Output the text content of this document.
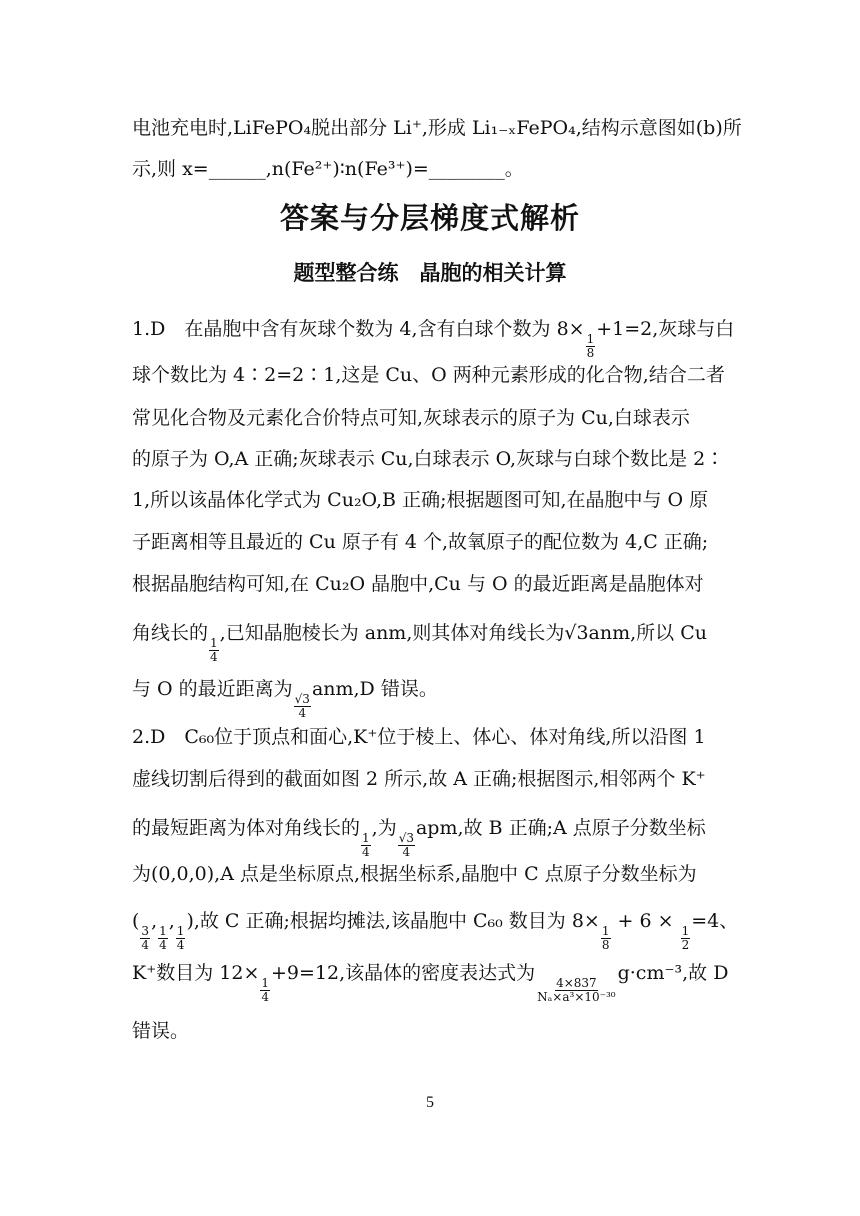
电池充电时,LiFePO₄脱出部分 Li⁺,形成 Li₁₋ₓFePO₄,结构示意图如(b)所
示,则 x=______,n(Fe²⁺)∶n(Fe³⁺)=________。
答案与分层梯度式解析
题型整合练　晶胞的相关计算
1.D　在晶胞中含有灰球个数为 4,含有白球个数为 8×
$\frac{1}{8}$
+1=2,灰球与白
球个数比为 4∶2=2∶1,这是 Cu、O 两种元素形成的化合物,结合二者
常见化合物及元素化合价特点可知,灰球表示的原子为 Cu,白球表示
的原子为 O,A 正确;灰球表示 Cu,白球表示 O,灰球与白球个数比是 2∶
1,所以该晶体化学式为 Cu₂O,B 正确;根据题图可知,在晶胞中与 O 原
子距离相等且最近的 Cu 原子有 4 个,故氧原子的配位数为 4,C 正确;
根据晶胞结构可知,在 Cu₂O 晶胞中,Cu 与 O 的最近距离是晶胞体对
角线长的
$\frac{1}{4}$
,已知晶胞棱长为 anm,则其体对角线长为√3anm,所以 Cu
与 O 的最近距离为
$\frac{√3}{4}$
anm,D 错误。
2.D　C₆₀位于顶点和面心,K⁺位于棱上、体心、体对角线,所以沿图 1
虚线切割后得到的截面如图 2 所示,故 A 正确;根据图示,相邻两个 K⁺
的最短距离为体对角线长的
$\frac{1}{4}$
,为
$\frac{√3}{4}$
apm,故 B 正确;A 点原子分数坐标
为(0,0,0),A 点是坐标原点,根据坐标系,晶胞中 C 点原子分数坐标为
(
$\frac{3}{4}$
,
$\frac{1}{4}$
,
$\frac{1}{4}$
),故 C 正确;根据均摊法,该晶胞中 C₆₀ 数目为 8×
$\frac{1}{8}$
+ 6 ×
$\frac{1}{2}$
=4、
K⁺数目为 12×
$\frac{1}{4}$
+9=12,该晶体的密度表达式为
$\frac{4\times 837}{\text{Nₐ×a³×10⁻³⁰}}$
g·cm⁻³,故 D
错误。
5
